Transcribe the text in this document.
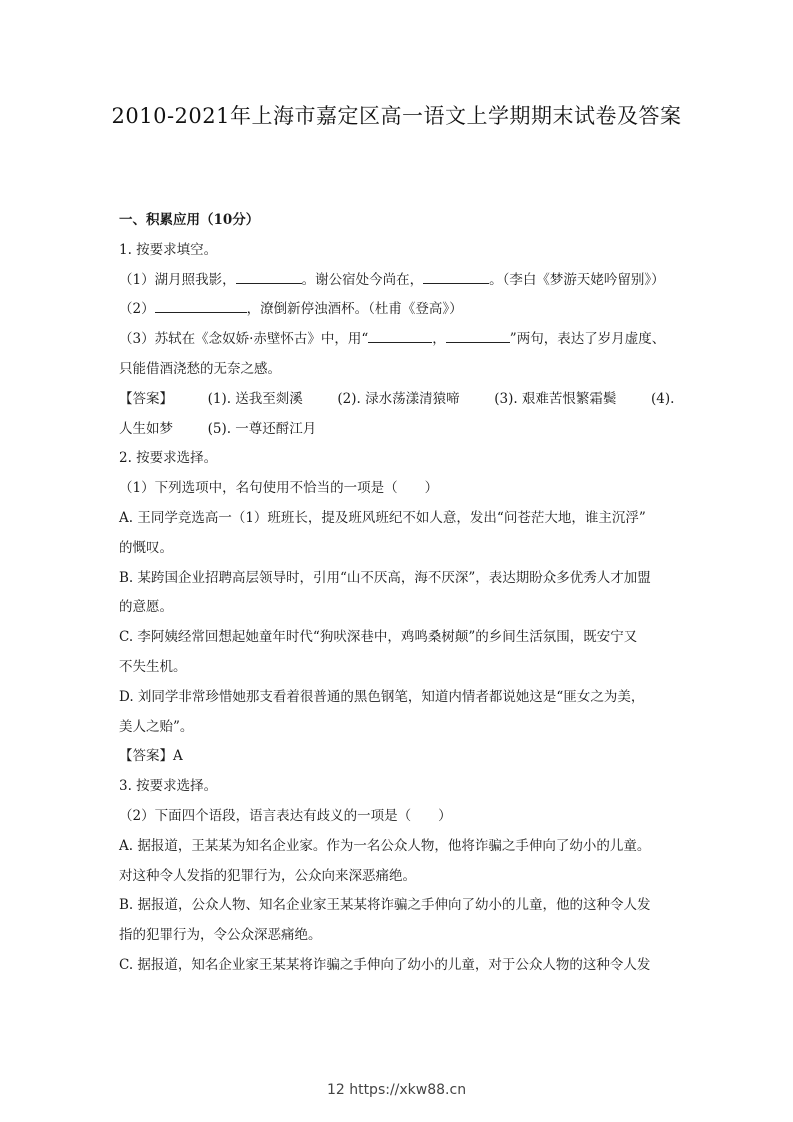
2010-2021年上海市嘉定区高一语文上学期期末试卷及答案
一、积累应用（10分）
1. 按要求填空。
（1）湖月照我影，	。谢公宿处今尚在，	。（李白《梦游天姥吟留别》）
（2）	，潦倒新停浊酒杯。（杜甫《登高》）
（3）苏轼在《念奴娇·赤壁怀古》中，用“	，	”两句，表达了岁月虚度、
只能借酒浇愁的无奈之感。
【答案】	(1). 送我至剡溪	(2). 渌水荡漾清猿啼	(3). 艰难苦恨繁霜鬓	(4).
人生如梦	(5). 一尊还酹江月
2. 按要求选择。
（1）下列选项中，名句使用不恰当的一项是（　　）
A. 王同学竞选高一（1）班班长，提及班风班纪不如人意，发出“问苍茫大地，谁主沉浮”
的慨叹。
B. 某跨国企业招聘高层领导时，引用“山不厌高，海不厌深”，表达期盼众多优秀人才加盟
的意愿。
C. 李阿姨经常回想起她童年时代“狗吠深巷中，鸡鸣桑树颠”的乡间生活氛围，既安宁又
不失生机。
D. 刘同学非常珍惜她那支看着很普通的黑色钢笔，知道内情者都说她这是“匪女之为美，
美人之贻”。
【答案】A
3. 按要求选择。
（2）下面四个语段，语言表达有歧义的一项是（　　）
A. 据报道，王某某为知名企业家。作为一名公众人物，他将诈骗之手伸向了幼小的儿童。
对这种令人发指的犯罪行为，公众向来深恶痛绝。
B. 据报道，公众人物、知名企业家王某某将诈骗之手伸向了幼小的儿童，他的这种令人发
指的犯罪行为，令公众深恶痛绝。
C. 据报道，知名企业家王某某将诈骗之手伸向了幼小的儿童，对于公众人物的这种令人发
12 https://xkw88.cn
